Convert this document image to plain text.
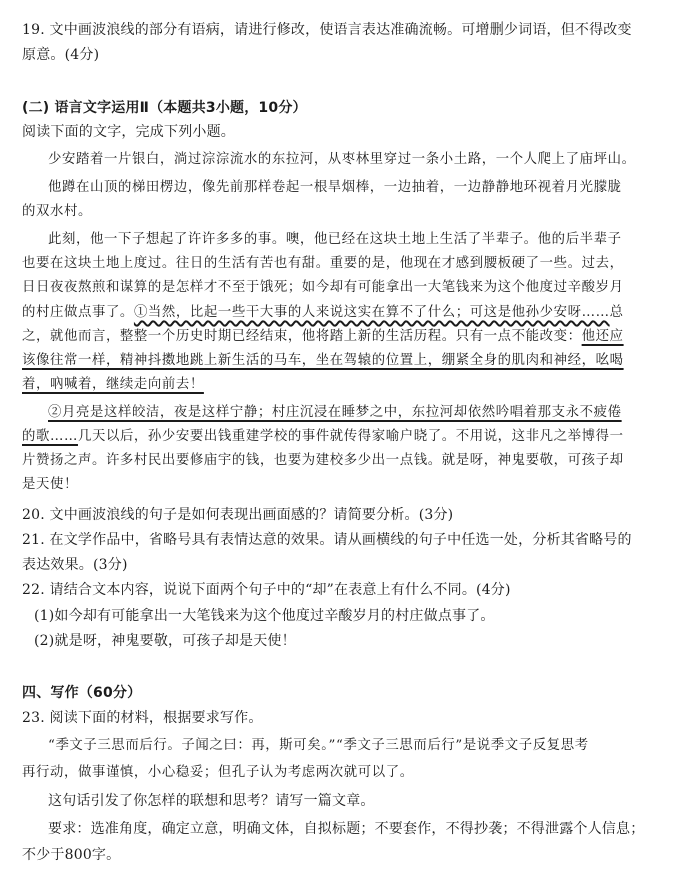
19. 文中画波浪线的部分有语病，请进行修改，使语言表达准确流畅。可增删少词语，但不得改变
原意。(4分)
(二) 语言文字运用Ⅱ（本题共3小题，10分）
阅读下面的文字，完成下列小题。
少安踏着一片银白，淌过淙淙流水的东拉河，从枣林里穿过一条小土路，一个人爬上了庙坪山。
他蹲在山顶的梯田楞边，像先前那样卷起一根旱烟棒，一边抽着，一边静静地环视着月光朦胧
的双水村。
此刻，他一下子想起了许许多多的事。噢，他已经在这块土地上生活了半辈子。他的后半辈子
也要在这块土地上度过。往日的生活有苦也有甜。重要的是，他现在才感到腰板硬了一些。过去，
日日夜夜熬煎和谋算的是怎样才不至于饿死；如今却有可能拿出一大笔钱来为这个他度过辛酸岁月
的村庄做点事了。①当然，比起一些干大事的人来说这实在算不了什么；可这是他孙少安呀……总
之，就他而言，整整一个历史时期已经结束，他将踏上新的生活历程。只有一点不能改变：他还应
该像往常一样，精神抖擞地跳上新生活的马车，坐在驾辕的位置上，绷紧全身的肌肉和神经，吆喝
着，吶喊着，继续走向前去！
②月亮是这样皎洁，夜是这样宁静；村庄沉浸在睡梦之中，东拉河却依然吟唱着那支永不疲倦
的歌……几天以后，孙少安要出钱重建学校的事件就传得家喻户晓了。不用说，这非凡之举博得一
片赞扬之声。许多村民出要修庙宇的钱，也要为建校多少出一点钱。就是呀，神鬼要敬，可孩子却
是天使！
20. 文中画波浪线的句子是如何表现出画面感的？请简要分析。(3分)
21. 在文学作品中，省略号具有表情达意的效果。请从画横线的句子中任选一处，分析其省略号的
表达效果。(3分)
22. 请结合文本内容，说说下面两个句子中的“却”在表意上有什么不同。(4分)
(1)如今却有可能拿出一大笔钱来为这个他度过辛酸岁月的村庄做点事了。
(2)就是呀，神鬼要敬，可孩子却是天使！
四、写作（60分）
23. 阅读下面的材料，根据要求写作。
“季文子三思而后行。子闻之曰：再，斯可矣。”“季文子三思而后行”是说季文子反复思考
再行动，做事谨慎，小心稳妥；但孔子认为考虑两次就可以了。
这句话引发了你怎样的联想和思考？请写一篇文章。
要求：选准角度，确定立意，明确文体，自拟标题；不要套作，不得抄袭；不得泄露个人信息；
不少于800字。
